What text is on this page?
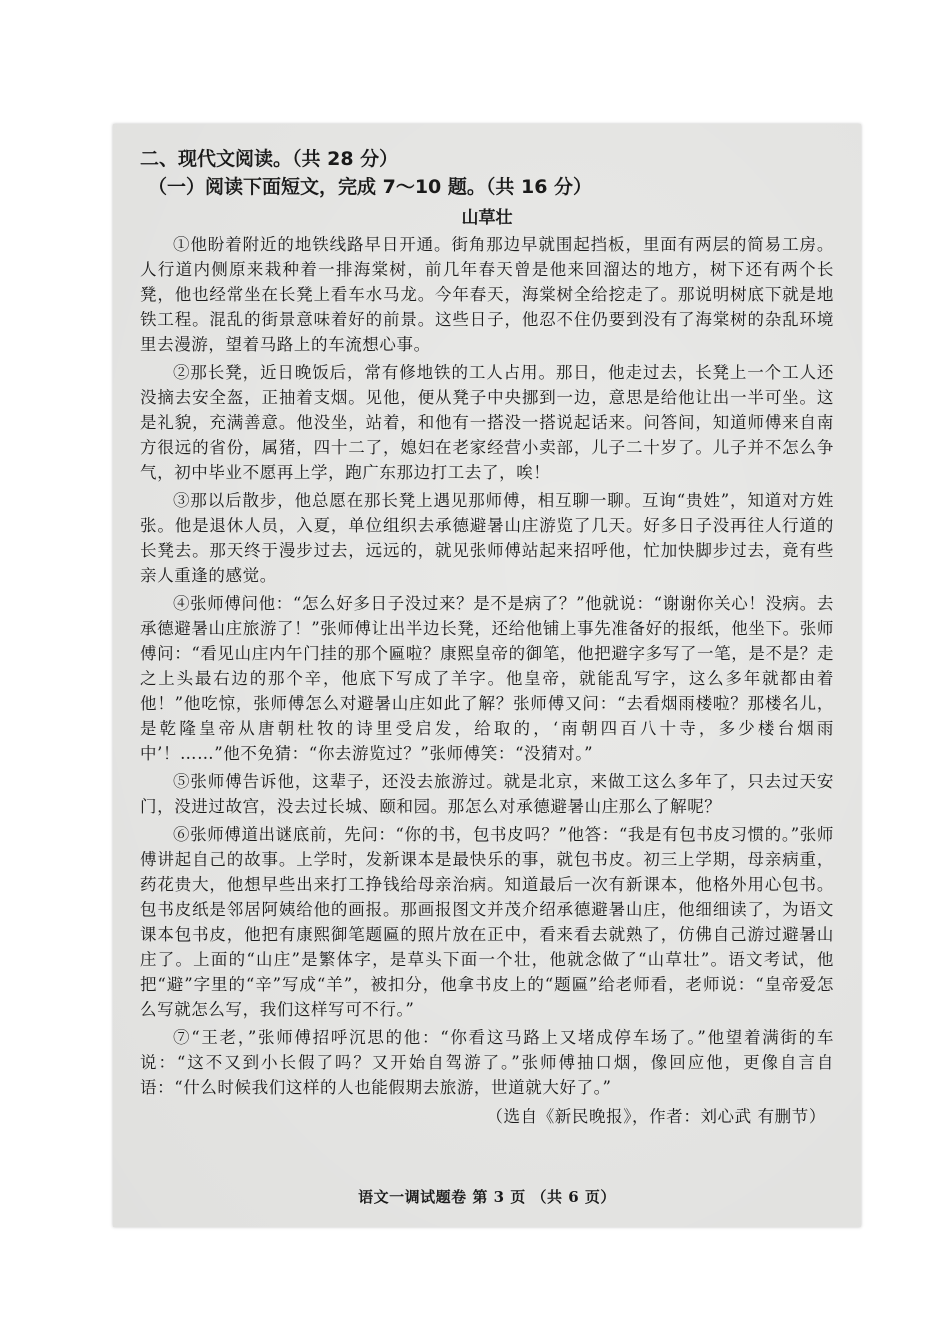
二、现代文阅读。（共 28 分）
（一）阅读下面短文，完成 7～10 题。（共 16 分）
山草壮

①他盼着附近的地铁线路早日开通。街角那边早就围起挡板，里面有两层的简易工房。人行道内侧原来栽种着一排海棠树，前几年春天曾是他来回溜达的地方，树下还有两个长凳，他也经常坐在长凳上看车水马龙。今年春天，海棠树全给挖走了。那说明树底下就是地铁工程。混乱的街景意味着好的前景。这些日子，他忍不住仍要到没有了海棠树的杂乱环境里去漫游，望着马路上的车流想心事。

②那长凳，近日晚饭后，常有修地铁的工人占用。那日，他走过去，长凳上一个工人还没摘去安全盔，正抽着支烟。见他，便从凳子中央挪到一边，意思是给他让出一半可坐。这是礼貌，充满善意。他没坐，站着，和他有一搭没一搭说起话来。问答间，知道师傅来自南方很远的省份，属猪，四十二了，媳妇在老家经营小卖部，儿子二十岁了。儿子并不怎么争气，初中毕业不愿再上学，跑广东那边打工去了，唉！

③那以后散步，他总愿在那长凳上遇见那师傅，相互聊一聊。互询“贵姓”，知道对方姓张。他是退休人员，入夏，单位组织去承德避暑山庄游览了几天。好多日子没再往人行道的长凳去。那天终于漫步过去，远远的，就见张师傅站起来招呼他，忙加快脚步过去，竟有些亲人重逢的感觉。

④张师傅问他：“怎么好多日子没过来？是不是病了？”他就说：“谢谢你关心！没病。去承德避暑山庄旅游了！”张师傅让出半边长凳，还给他铺上事先准备好的报纸，他坐下。张师傅问：“看见山庄内午门挂的那个匾啦？康熙皇帝的御笔，他把避字多写了一笔，是不是？走之上头最右边的那个辛，他底下写成了羊字。他皇帝，就能乱写字，这么多年就都由着他！”他吃惊，张师傅怎么对避暑山庄如此了解？张师傅又问：“去看烟雨楼啦？那楼名儿，是乾隆皇帝从唐朝杜牧的诗里受启发，给取的，‘南朝四百八十寺，多少楼台烟雨中’！……”他不免猜：“你去游览过？”张师傅笑：“没猜对。”

⑤张师傅告诉他，这辈子，还没去旅游过。就是北京，来做工这么多年了，只去过天安门，没进过故宫，没去过长城、颐和园。那怎么对承德避暑山庄那么了解呢？

⑥张师傅道出谜底前，先问：“你的书，包书皮吗？”他答：“我是有包书皮习惯的。”张师傅讲起自己的故事。上学时，发新课本是最快乐的事，就包书皮。初三上学期，母亲病重，药花贵大，他想早些出来打工挣钱给母亲治病。知道最后一次有新课本，他格外用心包书。包书皮纸是邻居阿姨给他的画报。那画报图文并茂介绍承德避暑山庄，他细细读了，为语文课本包书皮，他把有康熙御笔题匾的照片放在正中，看来看去就熟了，仿佛自己游过避暑山庄了。上面的“山庄”是繁体字，是草头下面一个壮，他就念做了“山草壮”。语文考试，他把“避”字里的“辛”写成“羊”，被扣分，他拿书皮上的“题匾”给老师看，老师说：“皇帝爱怎么写就怎么写，我们这样写可不行。”

⑦“王老，”张师傅招呼沉思的他：“你看这马路上又堵成停车场了。”他望着满街的车说：“这不又到小长假了吗？又开始自驾游了。”张师傅抽口烟，像回应他，更像自言自语：“什么时候我们这样的人也能假期去旅游，世道就大好了。”

（选自《新民晚报》，作者：刘心武 有删节）
语文一调试题卷 第 3 页 （共 6 页）
